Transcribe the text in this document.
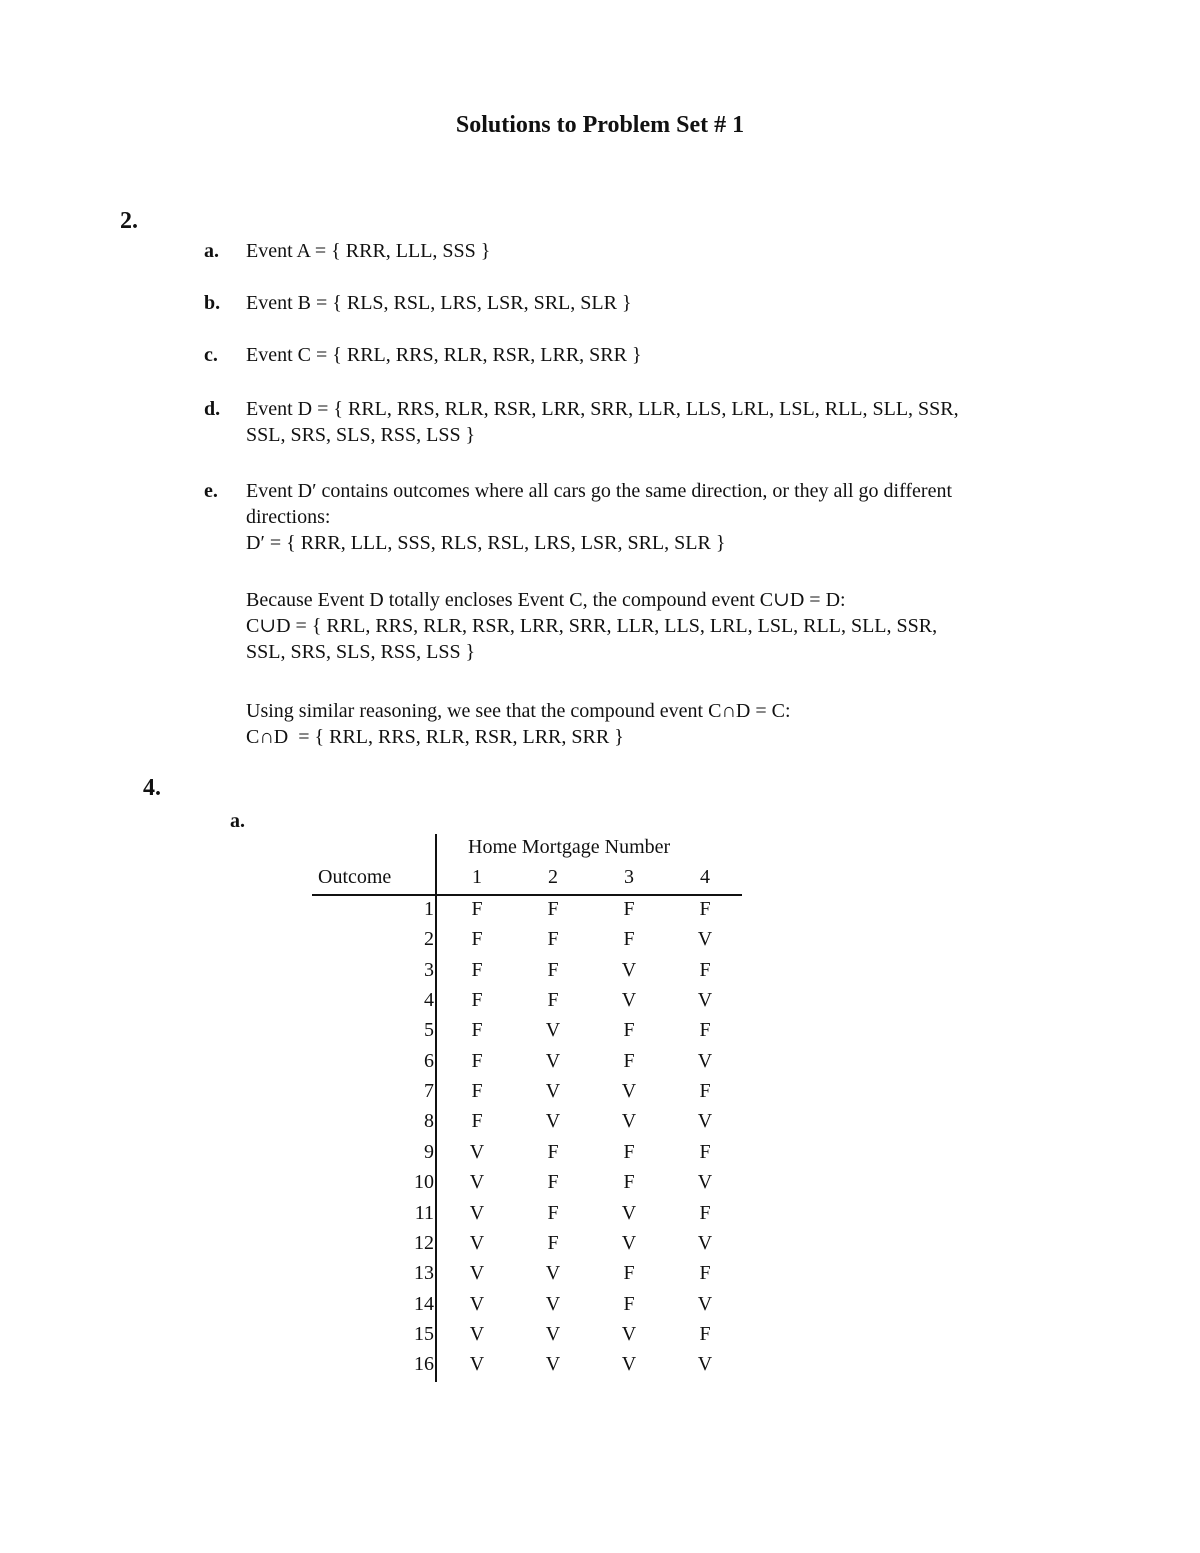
Solutions to Problem Set # 1
2.
a. Event A = { RRR, LLL, SSS }
b. Event B = { RLS, RSL, LRS, LSR, SRL, SLR }
c. Event C = { RRL, RRS, RLR, RSR, LRR, SRR }
d. Event D = { RRL, RRS, RLR, RSR, LRR, SRR, LLR, LLS, LRL, LSL, RLL, SLL, SSR,
SSL, SRS, SLS, RSS, LSS }
e. Event D′ contains outcomes where all cars go the same direction, or they all go different
directions:
D′ = { RRR, LLL, SSS, RLS, RSL, LRS, LSR, SRL, SLR }
Because Event D totally encloses Event C, the compound event C∪D = D:
C∪D = { RRL, RRS, RLR, RSR, LRR, SRR, LLR, LLS, LRL, LSL, RLL, SLL, SSR,
SSL, SRS, SLS, RSS, LSS }
Using similar reasoning, we see that the compound event C∩D = C:
C∩D  = { RRL, RRS, RLR, RSR, LRR, SRR }
4.
a.
Home Mortgage Number
Outcome	1	2	3	4
1	F	F	F	F
2	F	F	F	V
3	F	F	V	F
4	F	F	V	V
5	F	V	F	F
6	F	V	F	V
7	F	V	V	F
8	F	V	V	V
9	V	F	F	F
10	V	F	F	V
11	V	F	V	F
12	V	F	V	V
13	V	V	F	F
14	V	V	F	V
15	V	V	V	F
16	V	V	V	V
